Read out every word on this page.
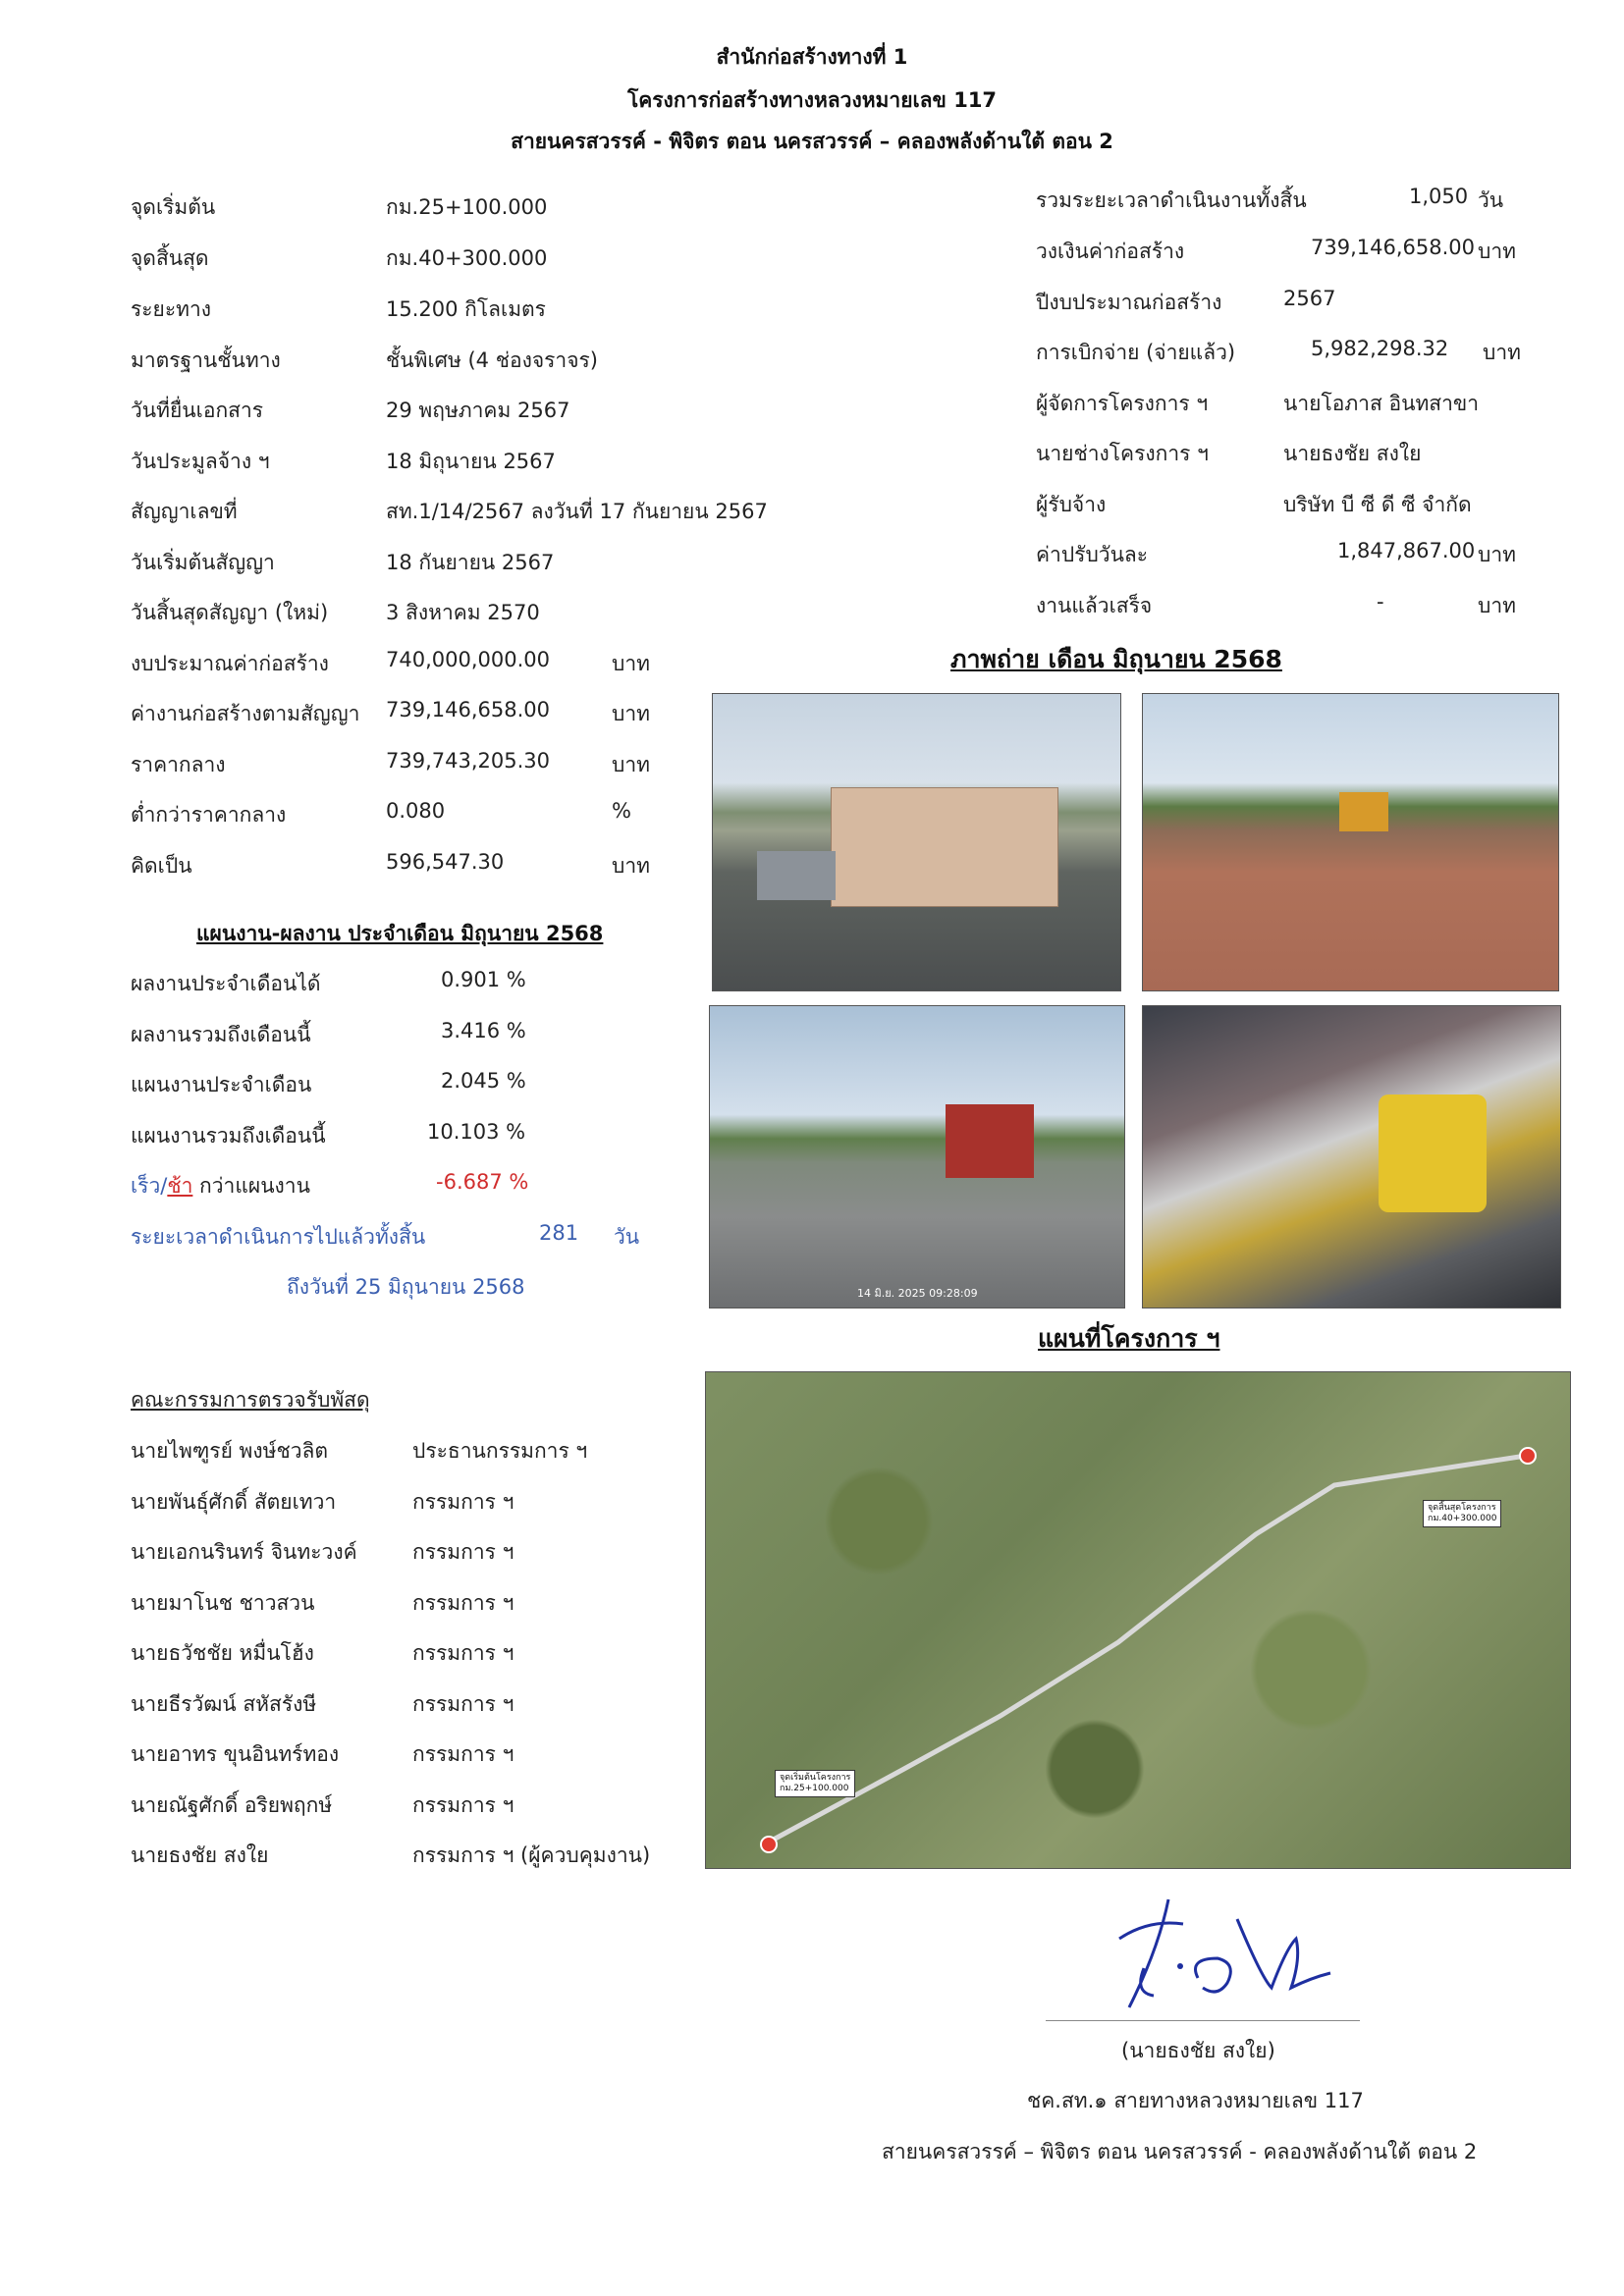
สำนักก่อสร้างทางที่ 1
โครงการก่อสร้างทางหลวงหมายเลข 117
สายนครสวรรค์ - พิจิตร ตอน นครสวรรค์ – คลองพลังด้านใต้ ตอน 2
จุดเริ่มต้น	กม.25+100.000
จุดสิ้นสุด	กม.40+300.000
ระยะทาง	15.200 กิโลเมตร
มาตรฐานชั้นทาง	ชั้นพิเศษ (4 ช่องจราจร)
วันที่ยื่นเอกสาร	29 พฤษภาคม 2567
วันประมูลจ้าง ฯ	18 มิถุนายน 2567
สัญญาเลขที่	สท.1/14/2567 ลงวันที่ 17 กันยายน 2567
วันเริ่มต้นสัญญา	18 กันยายน 2567
วันสิ้นสุดสัญญา (ใหม่)	3 สิงหาคม 2570
งบประมาณค่าก่อสร้าง	740,000,000.00	บาท
ค่างานก่อสร้างตามสัญญา 739,146,658.00	บาท
ราคากลาง	739,743,205.30	บาท
ต่ำกว่าราคากลาง	0.080	%
คิดเป็น	596,547.30	บาท
รวมระยะเวลาดำเนินงานทั้งสิ้น	1,050 วัน
วงเงินค่าก่อสร้าง	739,146,658.00 บาท
ปีงบประมาณก่อสร้าง	2567
การเบิกจ่าย (จ่ายแล้ว)	5,982,298.32 บาท
ผู้จัดการโครงการ ฯ	นายโอภาส อินทสาขา
นายช่างโครงการ ฯ	นายธงชัย สงใย
ผู้รับจ้าง	บริษัท บี ซี ดี ซี จำกัด
ค่าปรับวันละ	1,847,867.00 บาท
งานแล้วเสร็จ	-	บาท
ภาพถ่าย เดือน มิถุนายน 2568
14 มิ.ย. 2025 09:28:09
แผนที่โครงการ ฯ
จุดเริ่มต้นโครงการ
กม.25+100.000
จุดสิ้นสุดโครงการ
กม.40+300.000
แผนงาน-ผลงาน ประจำเดือน มิถุนายน 2568
ผลงานประจำเดือนได้	0.901 %
ผลงานรวมถึงเดือนนี้	3.416 %
แผนงานประจำเดือน	2.045 %
แผนงานรวมถึงเดือนนี้	10.103 %
เร็ว/ช้า กว่าแผนงาน	-6.687 %
ระยะเวลาดำเนินการไปแล้วทั้งสิ้น	281 วัน
ถึงวันที่ 25 มิถุนายน 2568
คณะกรรมการตรวจรับพัสดุ
นายไพฑูรย์ พงษ์ชวลิต	ประธานกรรมการ ฯ
นายพันธุ์ศักดิ์ สัตยเทวา	กรรมการ ฯ
นายเอกนรินทร์ จินทะวงค์	กรรมการ ฯ
นายมาโนช ชาวสวน	กรรมการ ฯ
นายธวัชชัย หมื่นโฮ้ง	กรรมการ ฯ
นายธีรวัฒน์ สหัสรังษี	กรรมการ ฯ
นายอาทร ขุนอินทร์ทอง	กรรมการ ฯ
นายณัฐศักดิ์ อริยพฤกษ์	กรรมการ ฯ
นายธงชัย สงใย	กรรมการ ฯ (ผู้ควบคุมงาน)
(นายธงชัย สงใย)
ชค.สท.๑ สายทางหลวงหมายเลข 117
สายนครสวรรค์ – พิจิตร ตอน นครสวรรค์ - คลองพลังด้านใต้ ตอน 2
